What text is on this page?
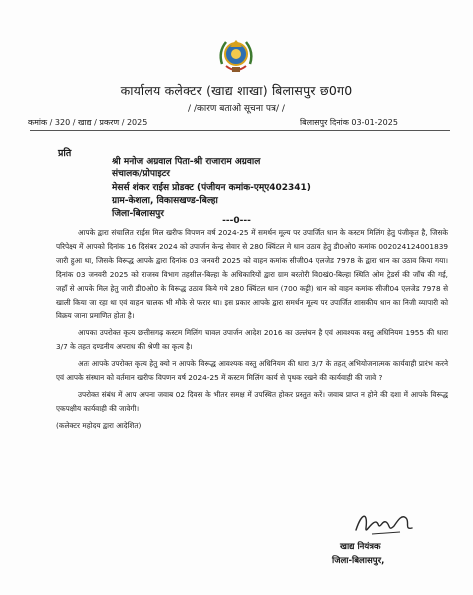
कार्यालय कलेक्टर (खाद्य शाखा) बिलासपुर छ0ग0
/ /कारण बताओ सूचना पत्र/ /
कमांक / 320 / खाद्य / प्रकरण / 2025	बिलासपुर दिनांक 03-01-2025
प्रति
श्री मनोज अग्रवाल पिता-श्री राजाराम अग्रवाल
संचालक/प्रोपाइटर
मेसर्स शंकर राईस प्रोडक्ट (पंजीयन कमांक-एम्ए402341)
ग्राम-केशला, विकासखण्ड-बिल्हा
जिला-बिलासपुर
---0---

आपके द्वारा संचालित राईस मिल खरीफ विपणन वर्ष 2024-25 में समर्थन मूल्य पर उपार्जित धान के कस्टम मिलिंग हेतु पंजीकृत है, जिसके परिपेक्ष्य में आपको दिनांक 16 दिसंबर 2024 को उपार्जन केन्द्र सेवार से 280 क्विंटल मे धान उठाव हेतु डी0ओ0 कमांक 002024124001839 जारी हुआ था, जिसके विरूद्ध आपके द्वारा दिनांक 03 जनवरी 2025 को वाहन कमांक सीजी04 एलजेड 7978 के द्वारा धान का उठाव किया गया। दिनांक 03 जनवरी 2025 को राजस्व विभाग तहसील-बिल्हा के अधिकारियों द्वारा ग्राम बरतोरी वि0खं0-बिल्हा स्थिति ओम ट्रेडर्स की जाँच की गई, जहाँ से आपके मिल हेतु जारी डी0ओ0 के विरूद्ध उठाव किये गये 280 क्विंटल धान (700 कट्टी) धान को वाहन कमांक सीजी04 एलजेड 7978 से खाली किया जा रहा था एवं वाहन चालक भी मौके से फरार था। इस प्रकार आपके द्वारा समर्थन मूल्य पर उपार्जित शासकीय धान का निजी व्यापारी को विक्रय जाना प्रमाणित होता है।

आपका उपरोक्त कृत्य छत्तीसगढ़ कस्टम मिलिंग चावल उपार्जन आदेश 2016 का उल्लंघन है एवं आवश्यक वस्तु अधिनियम 1955 की धारा 3/7 के तहत दण्डनीय अपराध की श्रेणी का कृत्य है।

अतः आपके उपरोक्त कृत्य हेतु क्यो न आपके विरूद्ध आवश्यक वस्तु अधिनियम की धारा 3/7 के तहत् अभियोजनात्मक कार्यवाही प्रारंभ करने एवं आपके संस्थान को वर्तमान खरीफ विपणन वर्ष 2024-25 में कस्टम मिलिंग कार्य से पृथक रखने की कार्यवाही की जावे ?

उपरोक्त संबंध में आप अपना जवाब 02 दिवस के भीतर समक्ष में उपस्थित होकर प्रस्तुत करें। जवाब प्राप्त न होने की दशा में आपके विरूद्ध एकपक्षीय कार्यवाही की जावेगी।

(कलेक्टर महोदय द्वारा आदेशित)

खाद्य नियंत्रक
जिला-बिलासपुर,
